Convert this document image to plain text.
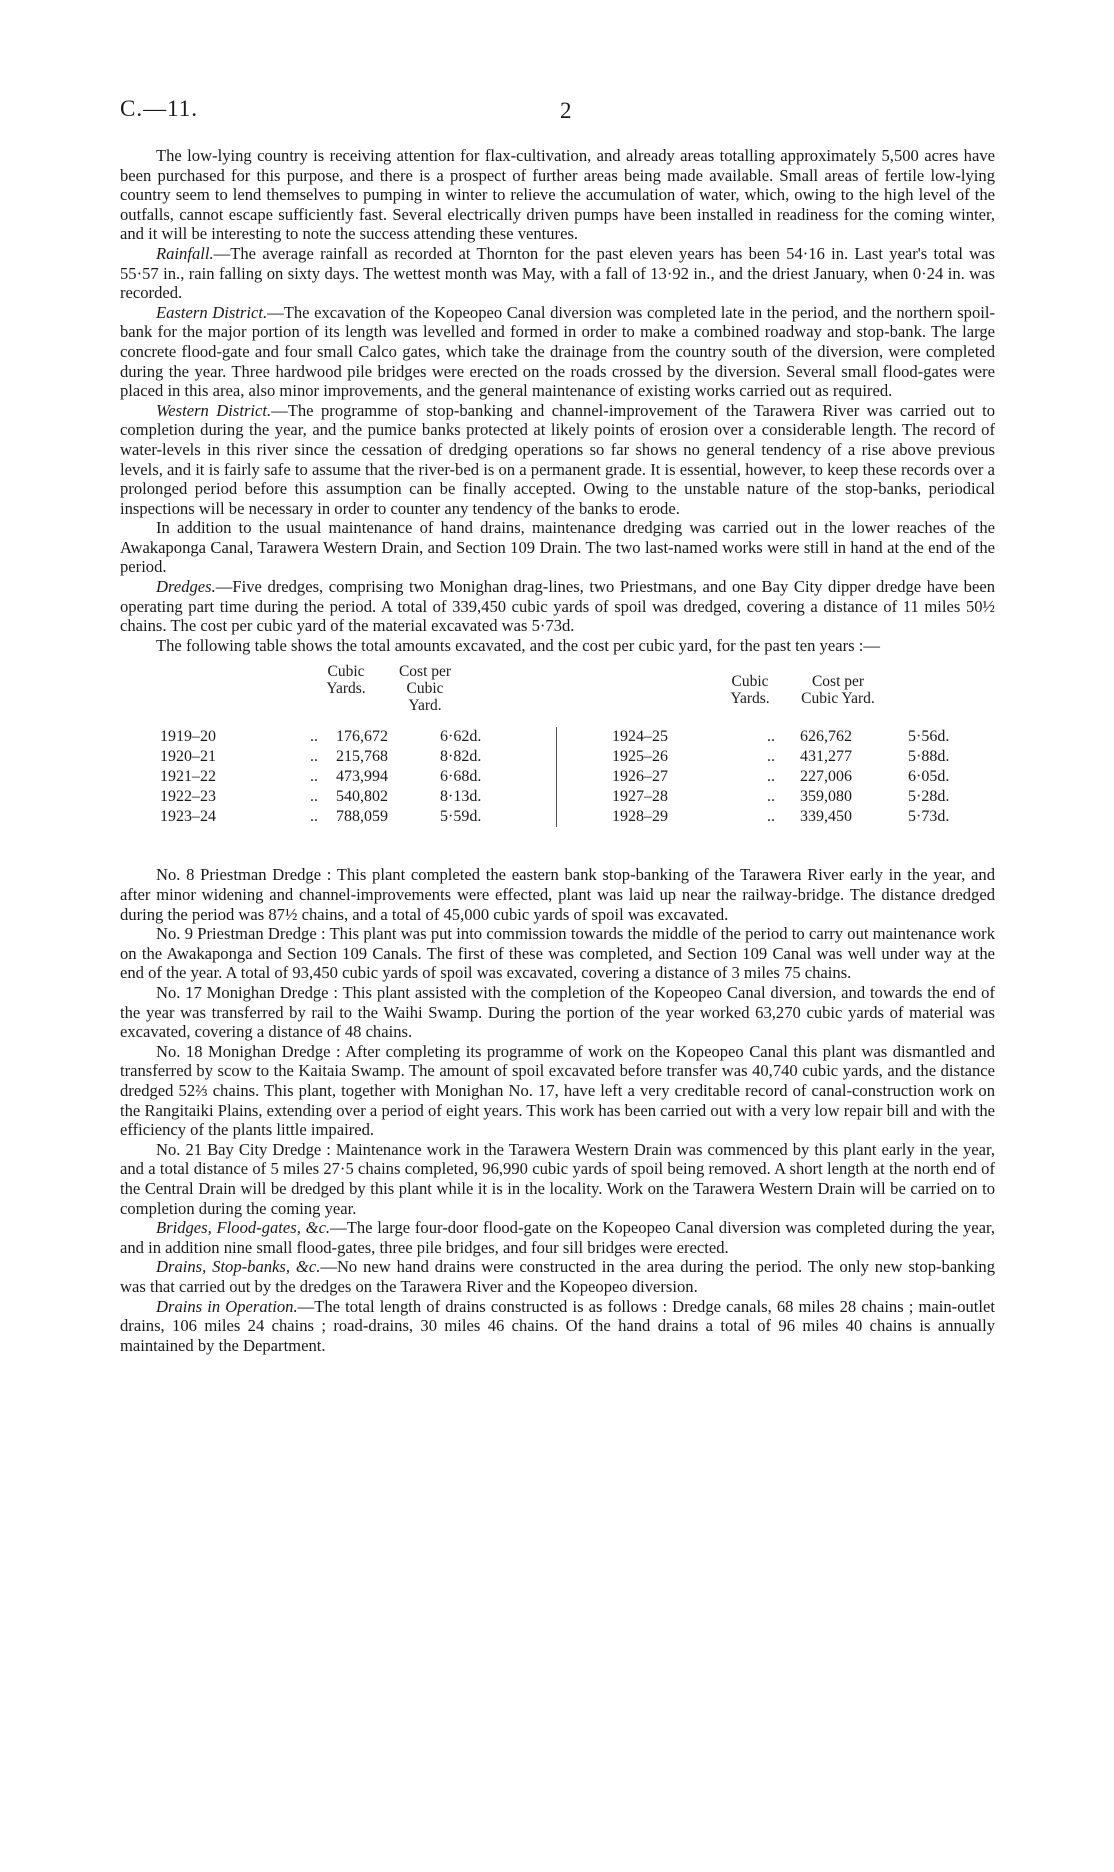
C.—11.	2

The low-lying country is receiving attention for flax-cultivation, and already areas totalling approximately 5,500 acres have been purchased for this purpose, and there is a prospect of further areas being made available. Small areas of fertile low-lying country seem to lend themselves to pumping in winter to relieve the accumulation of water, which, owing to the high level of the outfalls, cannot escape sufficiently fast. Several electrically driven pumps have been installed in readiness for the coming winter, and it will be interesting to note the success attending these ventures.

Rainfall.—The average rainfall as recorded at Thornton for the past eleven years has been 54·16 in. Last year's total was 55·57 in., rain falling on sixty days. The wettest month was May, with a fall of 13·92 in., and the driest January, when 0·24 in. was recorded.

Eastern District.—The excavation of the Kopeopeo Canal diversion was completed late in the period, and the northern spoil-bank for the major portion of its length was levelled and formed in order to make a combined roadway and stop-bank. The large concrete flood-gate and four small Calco gates, which take the drainage from the country south of the diversion, were completed during the year. Three hardwood pile bridges were erected on the roads crossed by the diversion. Several small flood-gates were placed in this area, also minor improvements, and the general maintenance of existing works carried out as required.

Western District.—The programme of stop-banking and channel-improvement of the Tarawera River was carried out to completion during the year, and the pumice banks protected at likely points of erosion over a considerable length. The record of water-levels in this river since the cessation of dredging operations so far shows no general tendency of a rise above previous levels, and it is fairly safe to assume that the river-bed is on a permanent grade. It is essential, however, to keep these records over a prolonged period before this assumption can be finally accepted. Owing to the unstable nature of the stop-banks, periodical inspections will be necessary in order to counter any tendency of the banks to erode.

In addition to the usual maintenance of hand drains, maintenance dredging was carried out in the lower reaches of the Awakaponga Canal, Tarawera Western Drain, and Section 109 Drain. The two last-named works were still in hand at the end of the period.

Dredges.—Five dredges, comprising two Monighan drag-lines, two Priestmans, and one Bay City dipper dredge have been operating part time during the period. A total of 339,450 cubic yards of spoil was dredged, covering a distance of 11 miles 50½ chains. The cost per cubic yard of the material excavated was 5·73d.

The following table shows the total amounts excavated, and the cost per cubic yard, for the past ten years :—

Cubic Yards.
Cost per Cubic Yard.
Cubic Yards.
Cost per Cubic Yard.
1919–20	.. 176,672	6·62d.
1920–21	.. 215,768	8·82d.
1921–22	.. 473,994	6·68d.
1922–23	.. 540,802	8·13d.
1923–24	.. 788,059	5·59d.
1924–25	.. 626,762	5·56d.
1925–26	.. 431,277	5·88d.
1926–27	.. 227,006	6·05d.
1927–28	.. 359,080	5·28d.
1928–29	.. 339,450	5·73d.

No. 8 Priestman Dredge : This plant completed the eastern bank stop-banking of the Tarawera River early in the year, and after minor widening and channel-improvements were effected, plant was laid up near the railway-bridge. The distance dredged during the period was 87½ chains, and a total of 45,000 cubic yards of spoil was excavated.

No. 9 Priestman Dredge : This plant was put into commission towards the middle of the period to carry out maintenance work on the Awakaponga and Section 109 Canals. The first of these was completed, and Section 109 Canal was well under way at the end of the year. A total of 93,450 cubic yards of spoil was excavated, covering a distance of 3 miles 75 chains.

No. 17 Monighan Dredge : This plant assisted with the completion of the Kopeopeo Canal diversion, and towards the end of the year was transferred by rail to the Waihi Swamp. During the portion of the year worked 63,270 cubic yards of material was excavated, covering a distance of 48 chains.

No. 18 Monighan Dredge : After completing its programme of work on the Kopeopeo Canal this plant was dismantled and transferred by scow to the Kaitaia Swamp. The amount of spoil excavated before transfer was 40,740 cubic yards, and the distance dredged 52⅔ chains. This plant, together with Monighan No. 17, have left a very creditable record of canal-construction work on the Rangitaiki Plains, extending over a period of eight years. This work has been carried out with a very low repair bill and with the efficiency of the plants little impaired.

No. 21 Bay City Dredge : Maintenance work in the Tarawera Western Drain was commenced by this plant early in the year, and a total distance of 5 miles 27·5 chains completed, 96,990 cubic yards of spoil being removed. A short length at the north end of the Central Drain will be dredged by this plant while it is in the locality. Work on the Tarawera Western Drain will be carried on to completion during the coming year.

Bridges, Flood-gates, &c.—The large four-door flood-gate on the Kopeopeo Canal diversion was completed during the year, and in addition nine small flood-gates, three pile bridges, and four sill bridges were erected.

Drains, Stop-banks, &c.—No new hand drains were constructed in the area during the period. The only new stop-banking was that carried out by the dredges on the Tarawera River and the Kopeopeo diversion.

Drains in Operation.—The total length of drains constructed is as follows : Dredge canals, 68 miles 28 chains ; main-outlet drains, 106 miles 24 chains ; road-drains, 30 miles 46 chains. Of the hand drains a total of 96 miles 40 chains is annually maintained by the Department.
